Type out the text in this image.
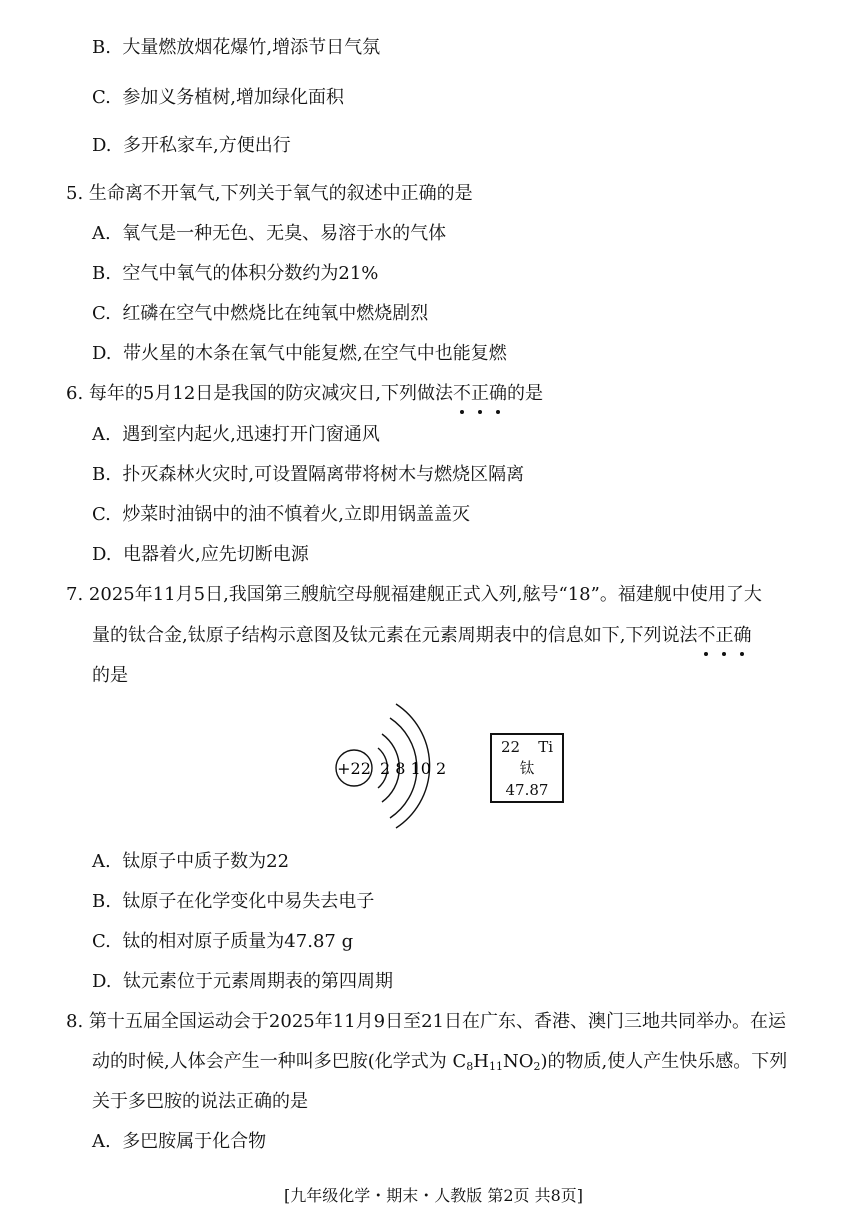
B. 大量燃放烟花爆竹,增添节日气氛
C. 参加义务植树,增加绿化面积
D. 多开私家车,方便出行
5. 生命离不开氧气,下列关于氧气的叙述中正确的是
A. 氧气是一种无色、无臭、易溶于水的气体
B. 空气中氧气的体积分数约为21%
C. 红磷在空气中燃烧比在纯氧中燃烧剧烈
D. 带火星的木条在氧气中能复燃,在空气中也能复燃
6. 每年的5月12日是我国的防灾减灾日,下列做法不正确的是
A. 遇到室内起火,迅速打开门窗通风
B. 扑灭森林火灾时,可设置隔离带将树木与燃烧区隔离
C. 炒菜时油锅中的油不慎着火,立即用锅盖盖灭
D. 电器着火,应先切断电源
7. 2025年11月5日,我国第三艘航空母舰福建舰正式入列,舷号“18”。福建舰中使用了大
量的钛合金,钛原子结构示意图及钛元素在元素周期表中的信息如下,下列说法不正确
的是
+22 2 8 10 2
22 Ti
钛
47.87
A. 钛原子中质子数为22
B. 钛原子在化学变化中易失去电子
C. 钛的相对原子质量为47.87 g
D. 钛元素位于元素周期表的第四周期
8. 第十五届全国运动会于2025年11月9日至21日在广东、香港、澳门三地共同举办。在运
动的时候,人体会产生一种叫多巴胺(化学式为 $C_8H_{11}NO_2$)的物质,使人产生快乐感。下列
关于多巴胺的说法正确的是
A. 多巴胺属于化合物
[九年级化学・期末・人教版 第2页 共8页]
